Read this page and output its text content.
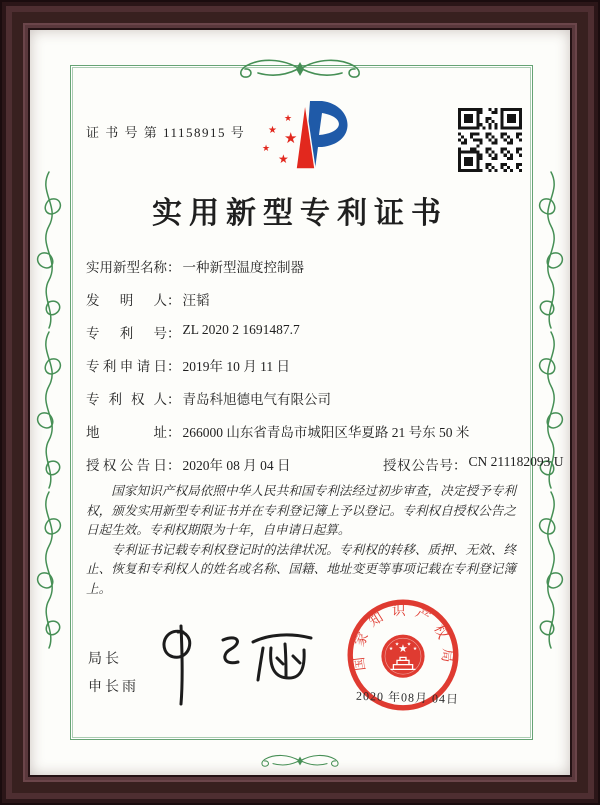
证 书 号 第 11158915 号
★
★ ★
★
★
实用新型专利证书
实用新型名称： 一种新型温度控制器
发明人： 汪韬
专利号： ZL 2020 2 1691487.7
专利申请日： 2019年 10 月 11 日
专利权人： 青岛科旭德电气有限公司
地址： 266000 山东省青岛市城阳区华夏路 21 号东 50 米
授权公告日： 2020年 08 月 04 日	授权公告号： CN 211182093 U

国家知识产权局依照中华人民共和国专利法经过初步审查，决定授予专利权，颁发实用新型专利证书并在专利登记簿上予以登记。专利权自授权公告之日起生效。专利权期限为十年，自申请日起算。

专利证书记载专利权登记时的法律状况。专利权的转移、质押、无效、终止、恢复和专利权人的姓名或名称、国籍、地址变更等事项记载在专利登记簿上。

局长
申长雨
国家知识产权局
★
★
★ ★
★
2020 年08月 04日
